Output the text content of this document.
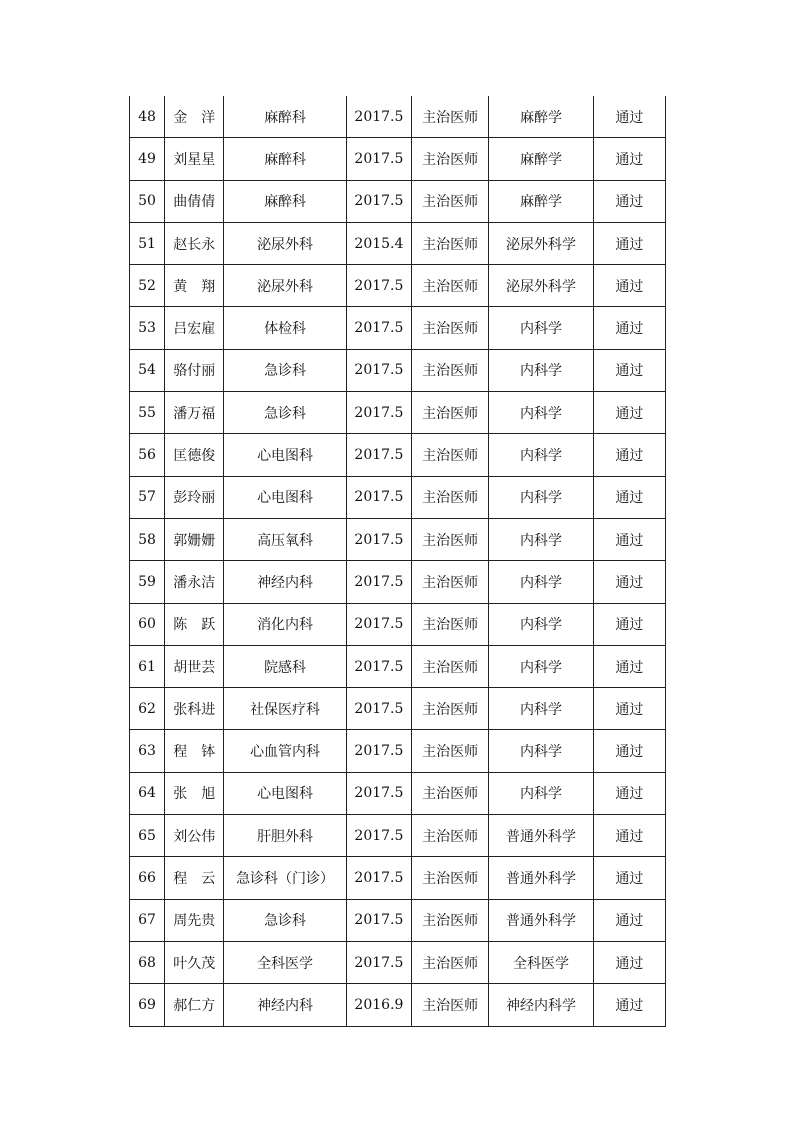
48	金　洋	麻醉科	2017.5	主治医师	麻醉学	通过
49	刘星星	麻醉科	2017.5	主治医师	麻醉学	通过
50	曲倩倩	麻醉科	2017.5	主治医师	麻醉学	通过
51	赵长永	泌尿外科	2015.4	主治医师	泌尿外科学	通过
52	黄　翔	泌尿外科	2017.5	主治医师	泌尿外科学	通过
53	吕宏雇	体检科	2017.5	主治医师	内科学	通过
54	骆付丽	急诊科	2017.5	主治医师	内科学	通过
55	潘万福	急诊科	2017.5	主治医师	内科学	通过
56	匡德俊	心电图科	2017.5	主治医师	内科学	通过
57	彭玲丽	心电图科	2017.5	主治医师	内科学	通过
58	郭姗姗	高压氧科	2017.5	主治医师	内科学	通过
59	潘永洁	神经内科	2017.5	主治医师	内科学	通过
60	陈　跃	消化内科	2017.5	主治医师	内科学	通过
61	胡世芸	院感科	2017.5	主治医师	内科学	通过
62	张科进	社保医疗科	2017.5	主治医师	内科学	通过
63	程　钵	心血管内科	2017.5	主治医师	内科学	通过
64	张　旭	心电图科	2017.5	主治医师	内科学	通过
65	刘公伟	肝胆外科	2017.5	主治医师	普通外科学	通过
66	程　云	急诊科（门诊）	2017.5	主治医师	普通外科学	通过
67	周先贵	急诊科	2017.5	主治医师	普通外科学	通过
68	叶久茂	全科医学	2017.5	主治医师	全科医学	通过
69	郝仁方	神经内科	2016.9	主治医师	神经内科学	通过
